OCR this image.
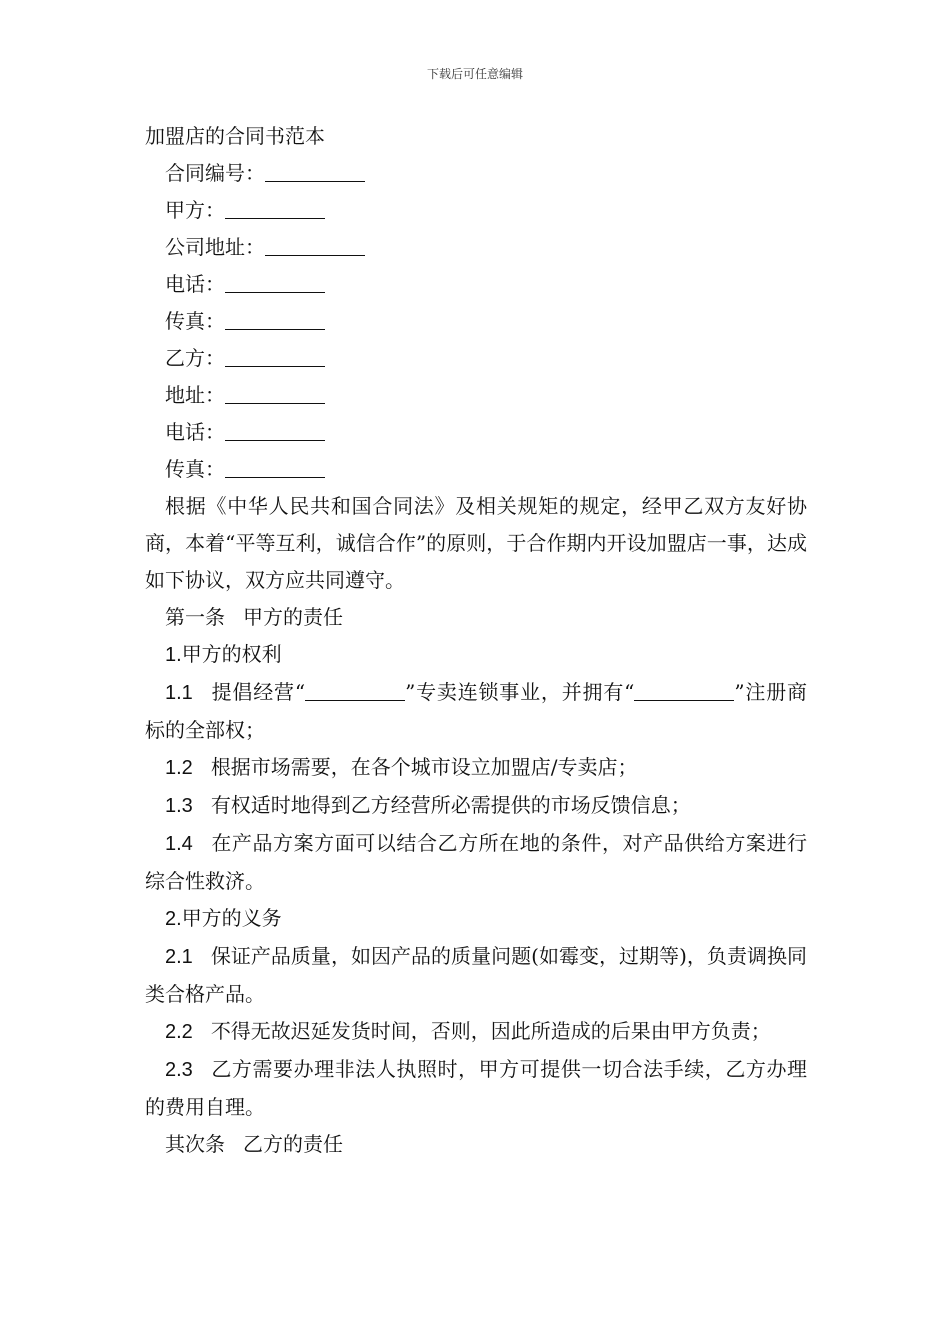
下载后可任意编辑
加盟店的合同书范本
合同编号：
甲方：
公司地址：
电话：
传真：
乙方：
地址：
电话：
传真：
根据《中华人民共和国合同法》及相关规矩的规定，经甲乙双方友好协商，本着“平等互利，诚信合作”的原则，于合作期内开设加盟店一事，达成如下协议，双方应共同遵守。
第一条 甲方的责任
1.甲方的权利
1.1 提倡经营“	”专卖连锁事业，并拥有“	”注册商标的全部权；
1.2 根据市场需要，在各个城市设立加盟店/专卖店；
1.3 有权适时地得到乙方经营所必需提供的市场反馈信息；
1.4 在产品方案方面可以结合乙方所在地的条件，对产品供给方案进行综合性救济。
2.甲方的义务
2.1 保证产品质量，如因产品的质量问题(如霉变，过期等)，负责调换同类合格产品。
2.2 不得无故迟延发货时间，否则，因此所造成的后果由甲方负责；
2.3 乙方需要办理非法人执照时，甲方可提供一切合法手续，乙方办理的费用自理。
其次条 乙方的责任
